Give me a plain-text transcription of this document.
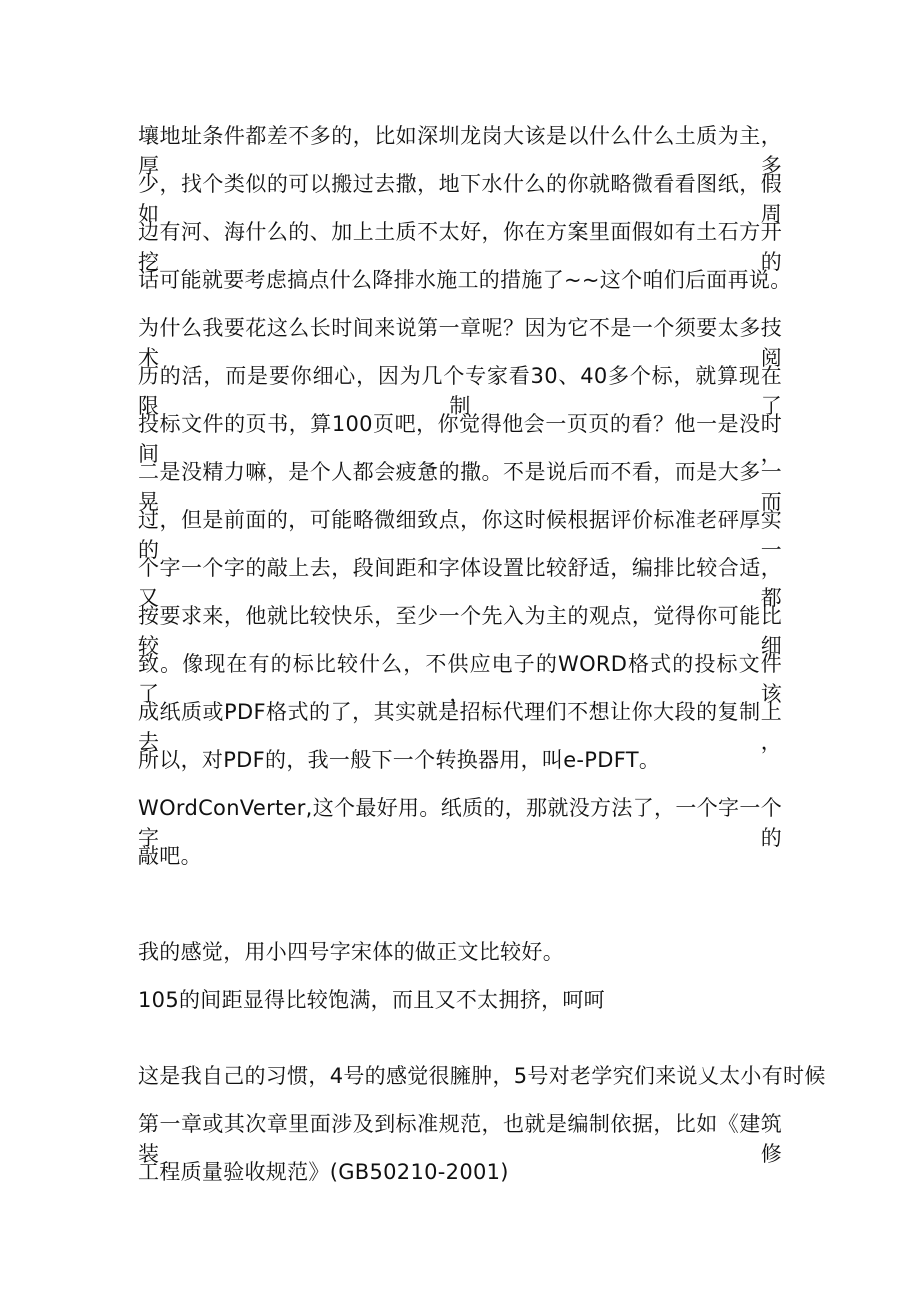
壤地址条件都差不多的，比如深圳龙岗大该是以什么什么土质为主，厚多
少，找个类似的可以搬过去撒，地下水什么的你就略微看看图纸，假如周
边有河、海什么的、加上土质不太好，你在方案里面假如有土石方开挖的
话可能就要考虑搞点什么降排水施工的措施了~~这个咱们后面再说。
为什么我要花这么长时间来说第一章呢？因为它不是一个须要太多技术阅
历的活，而是要你细心，因为几个专家看30、40多个标，就算现在限制了
投标文件的页书，算100页吧，你觉得他会一页页的看？他一是没时间，
二是没精力嘛，是个人都会疲惫的撒。不是说后而不看，而是大多一晃而
过，但是前面的，可能略微细致点，你这时候根据评价标准老砰厚实的一
个字一个字的敲上去，段间距和字体设置比较舒适，编排比较合适，又都
按要求来，他就比较快乐，至少一个先入为主的观点，觉得你可能比较细
致。像现在有的标比较什么，不供应电子的WORD格式的投标文件了，该
成纸质或PDF格式的了，其实就是招标代理们不想让你大段的复制上去，
所以，对PDF的，我一般下一个转换器用，叫e-PDFT。
WOrdConVerter,这个最好用。纸质的，那就没方法了，一个字一个字的
敲吧。
我的感觉，用小四号字宋体的做正文比较好。
105的间距显得比较饱满，而且又不太拥挤，呵呵
这是我自己的习惯，4号的感觉很臃肿，5号对老学究们来说乂太小有时候
第一章或其次章里面涉及到标准规范，也就是编制依据，比如《建筑装修
工程质量验收规范》(GB50210-2001)
